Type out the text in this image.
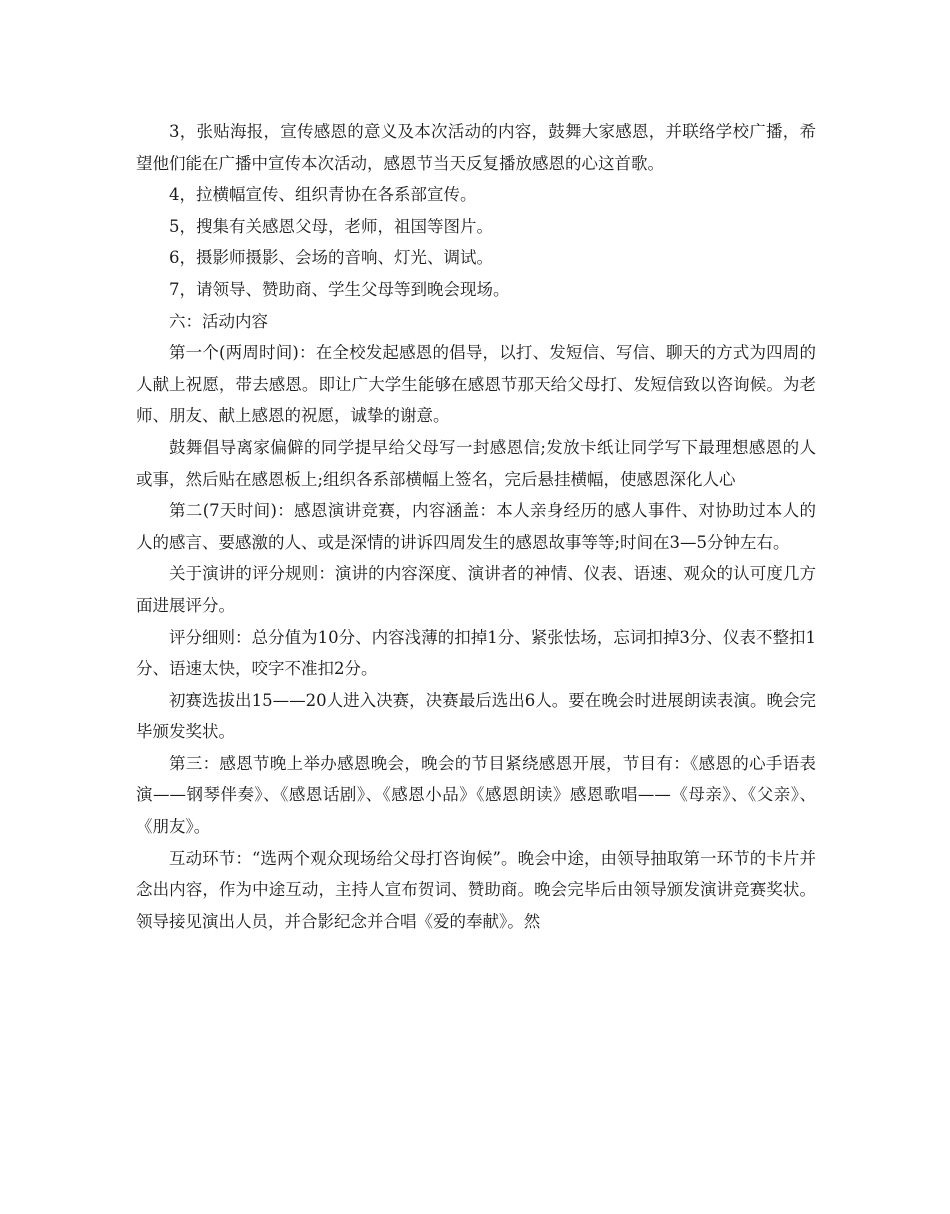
3，张贴海报，宣传感恩的意义及本次活动的内容，鼓舞大家感恩，并联络学校广播，希望他们能在广播中宣传本次活动，感恩节当天反复播放感恩的心这首歌。

4，拉横幅宣传、组织青协在各系部宣传。

5，搜集有关感恩父母，老师，祖国等图片。

6，摄影师摄影、会场的音响、灯光、调试。

7，请领导、赞助商、学生父母等到晚会现场。

六：活动内容

第一个(两周时间)：在全校发起感恩的倡导，以打、发短信、写信、聊天的方式为四周的人献上祝愿，带去感恩。即让广大学生能够在感恩节那天给父母打、发短信致以咨询候。为老师、朋友、献上感恩的祝愿，诚挚的谢意。

鼓舞倡导离家偏僻的同学提早给父母写一封感恩信;发放卡纸让同学写下最理想感恩的人或事，然后贴在感恩板上;组织各系部横幅上签名，完后悬挂横幅，使感恩深化人心

第二(7天时间)：感恩演讲竞赛，内容涵盖：本人亲身经历的感人事件、对协助过本人的人的感言、要感激的人、或是深情的讲诉四周发生的感恩故事等等;时间在3—5分钟左右。

关于演讲的评分规则：演讲的内容深度、演讲者的神情、仪表、语速、观众的认可度几方面进展评分。

评分细则：总分值为10分、内容浅薄的扣掉1分、紧张怯场，忘词扣掉3分、仪表不整扣1分、语速太快，咬字不准扣2分。

初赛选拔出15——20人进入决赛，决赛最后选出6人。要在晚会时进展朗读表演。晚会完毕颁发奖状。

第三：感恩节晚上举办感恩晚会，晚会的节目紧绕感恩开展，节目有：《感恩的心手语表演——钢琴伴奏》、《感恩话剧》、《感恩小品》《感恩朗读》感恩歌唱——《母亲》、《父亲》、《朋友》。

互动环节：“选两个观众现场给父母打咨询候”。晚会中途，由领导抽取第一环节的卡片并念出内容，作为中途互动，主持人宣布贺词、赞助商。晚会完毕后由领导颁发演讲竞赛奖状。领导接见演出人员，并合影纪念并合唱《爱的奉献》。然
